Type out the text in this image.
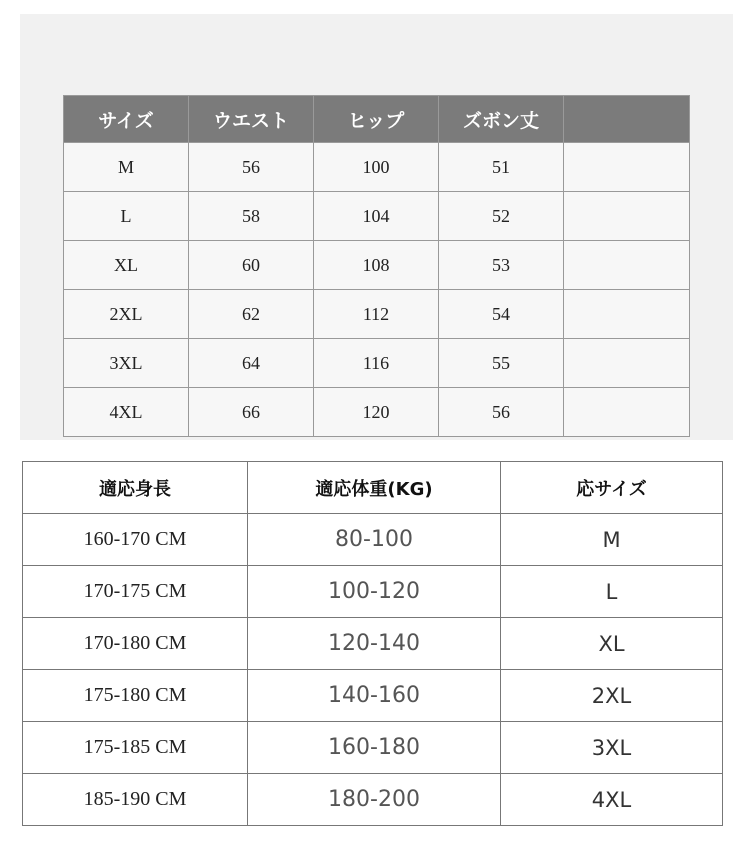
サイズ	ウエスト	ヒップ	ズボン丈	
M	56	100	51	
L	58	104	52	
XL	60	108	53	
2XL	62	112	54	
3XL	64	116	55	
4XL	66	120	56	
適応身長	適応体重(KG)	応サイズ
160-170 CM	80-100	M
170-175 CM	100-120	L
170-180 CM	120-140	XL
175-180 CM	140-160	2XL
175-185 CM	160-180	3XL
185-190 CM	180-200	4XL
